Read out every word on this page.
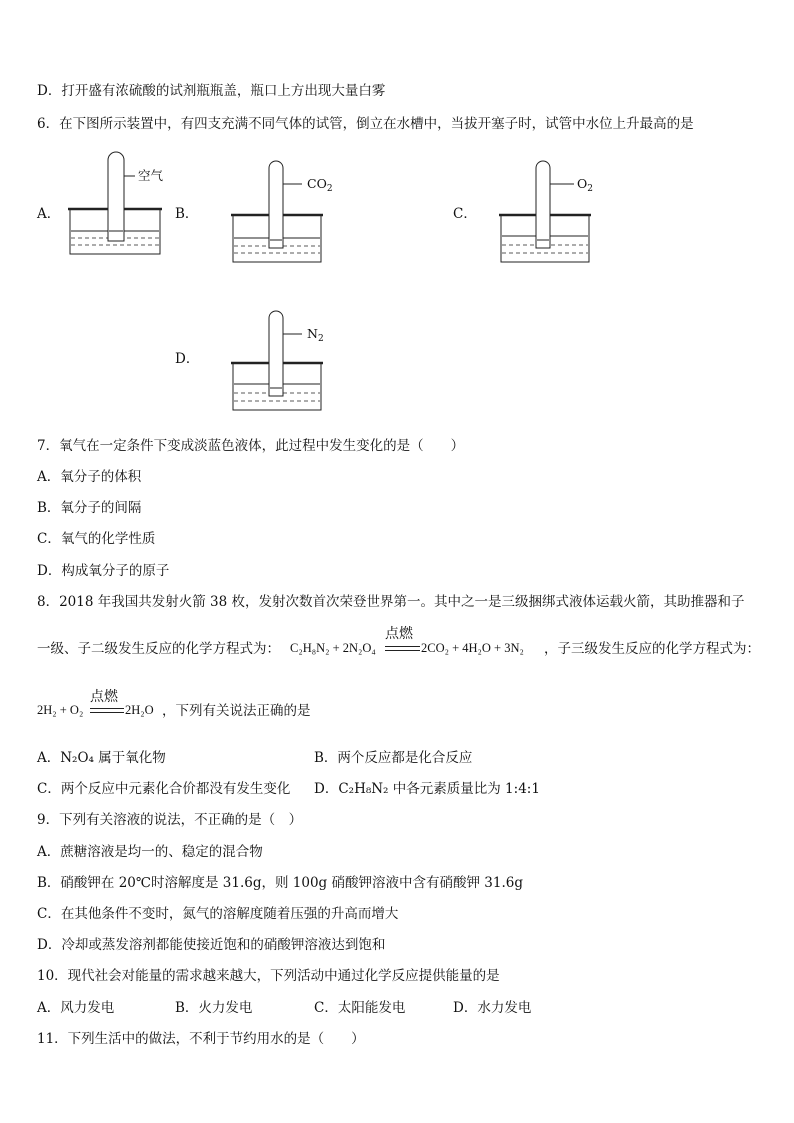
D．打开盛有浓硫酸的试剂瓶瓶盖，瓶口上方出现大量白雾
6．在下图所示装置中，有四支充满不同气体的试管，倒立在水槽中，当拔开塞子时，试管中水位上升最高的是
A．
空气
B．
$CO_2$
C．
$O_2$
D．
$N_2$
7．氧气在一定条件下变成淡蓝色液体，此过程中发生变化的是（　　）
A．氧分子的体积
B．氧分子的间隔
C．氧气的化学性质
D．构成氧分子的原子
8．2018 年我国共发射火箭 38 枚，发射次数首次荣登世界第一。其中之一是三级捆绑式液体运载火箭，其助推器和子
一级、子二级发生反应的化学方程式为： C₂H₈N₂ + 2N₂O₄
点燃
2CO₂ + 4H₂O + 3N₂ ，子三级发生反应的化学方程式为：
点燃
2H₂ + O₂	2H₂O ，下列有关说法正确的是
A．N₂O₄ 属于氧化物	B．两个反应都是化合反应
C．两个反应中元素化合价都没有发生变化 D．C₂H₈N₂ 中各元素质量比为 1:4:1
9．下列有关溶液的说法，不正确的是（　）
A．蔗糖溶液是均一的、稳定的混合物
B．硝酸钾在 20℃时溶解度是 31.6g，则 100g 硝酸钾溶液中含有硝酸钾 31.6g
C．在其他条件不变时，氮气的溶解度随着压强的升高而增大
D．冷却或蒸发溶剂都能使接近饱和的硝酸钾溶液达到饱和
10．现代社会对能量的需求越来越大，下列活动中通过化学反应提供能量的是
A．风力发电	B．火力发电	C．太阳能发电	D．水力发电
11．下列生活中的做法，不利于节约用水的是（　　）
